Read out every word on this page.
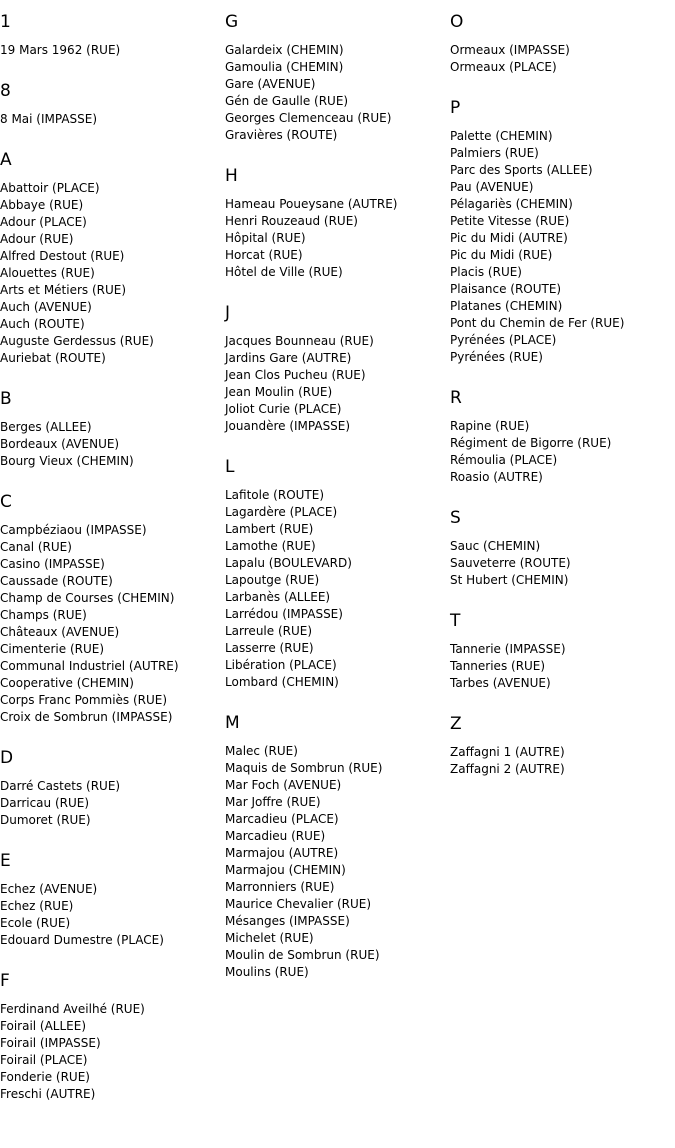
1
19 Mars 1962 (RUE)
8
8 Mai (IMPASSE)
A
Abattoir (PLACE)
Abbaye (RUE)
Adour (PLACE)
Adour (RUE)
Alfred Destout (RUE)
Alouettes (RUE)
Arts et Métiers (RUE)
Auch (AVENUE)
Auch (ROUTE)
Auguste Gerdessus (RUE)
Auriebat (ROUTE)
B
Berges (ALLEE)
Bordeaux (AVENUE)
Bourg Vieux (CHEMIN)
C
Campbéziaou (IMPASSE)
Canal (RUE)
Casino (IMPASSE)
Caussade (ROUTE)
Champ de Courses (CHEMIN)
Champs (RUE)
Châteaux (AVENUE)
Cimenterie (RUE)
Communal Industriel (AUTRE)
Cooperative (CHEMIN)
Corps Franc Pommiès (RUE)
Croix de Sombrun (IMPASSE)
D
Darré Castets (RUE)
Darricau (RUE)
Dumoret (RUE)
E
Echez (AVENUE)
Echez (RUE)
Ecole (RUE)
Edouard Dumestre (PLACE)
F
Ferdinand Aveilhé (RUE)
Foirail (ALLEE)
Foirail (IMPASSE)
Foirail (PLACE)
Fonderie (RUE)
Freschi (AUTRE)
G
Galardeix (CHEMIN)
Gamoulia (CHEMIN)
Gare (AVENUE)
Gén de Gaulle (RUE)
Georges Clemenceau (RUE)
Gravières (ROUTE)
H
Hameau Poueysane (AUTRE)
Henri Rouzeaud (RUE)
Hôpital (RUE)
Horcat (RUE)
Hôtel de Ville (RUE)
J
Jacques Bounneau (RUE)
Jardins Gare (AUTRE)
Jean Clos Pucheu (RUE)
Jean Moulin (RUE)
Joliot Curie (PLACE)
Jouandère (IMPASSE)
L
Lafitole (ROUTE)
Lagardère (PLACE)
Lambert (RUE)
Lamothe (RUE)
Lapalu (BOULEVARD)
Lapoutge (RUE)
Larbanès (ALLEE)
Larrédou (IMPASSE)
Larreule (RUE)
Lasserre (RUE)
Libération (PLACE)
Lombard (CHEMIN)
M
Malec (RUE)
Maquis de Sombrun (RUE)
Mar Foch (AVENUE)
Mar Joffre (RUE)
Marcadieu (PLACE)
Marcadieu (RUE)
Marmajou (AUTRE)
Marmajou (CHEMIN)
Marronniers (RUE)
Maurice Chevalier (RUE)
Mésanges (IMPASSE)
Michelet (RUE)
Moulin de Sombrun (RUE)
Moulins (RUE)
O
Ormeaux (IMPASSE)
Ormeaux (PLACE)
P
Palette (CHEMIN)
Palmiers (RUE)
Parc des Sports (ALLEE)
Pau (AVENUE)
Pélagariès (CHEMIN)
Petite Vitesse (RUE)
Pic du Midi (AUTRE)
Pic du Midi (RUE)
Placis (RUE)
Plaisance (ROUTE)
Platanes (CHEMIN)
Pont du Chemin de Fer (RUE)
Pyrénées (PLACE)
Pyrénées (RUE)
R
Rapine (RUE)
Régiment de Bigorre (RUE)
Rémoulia (PLACE)
Roasio (AUTRE)
S
Sauc (CHEMIN)
Sauveterre (ROUTE)
St Hubert (CHEMIN)
T
Tannerie (IMPASSE)
Tanneries (RUE)
Tarbes (AVENUE)
Z
Zaffagni 1 (AUTRE)
Zaffagni 2 (AUTRE)
